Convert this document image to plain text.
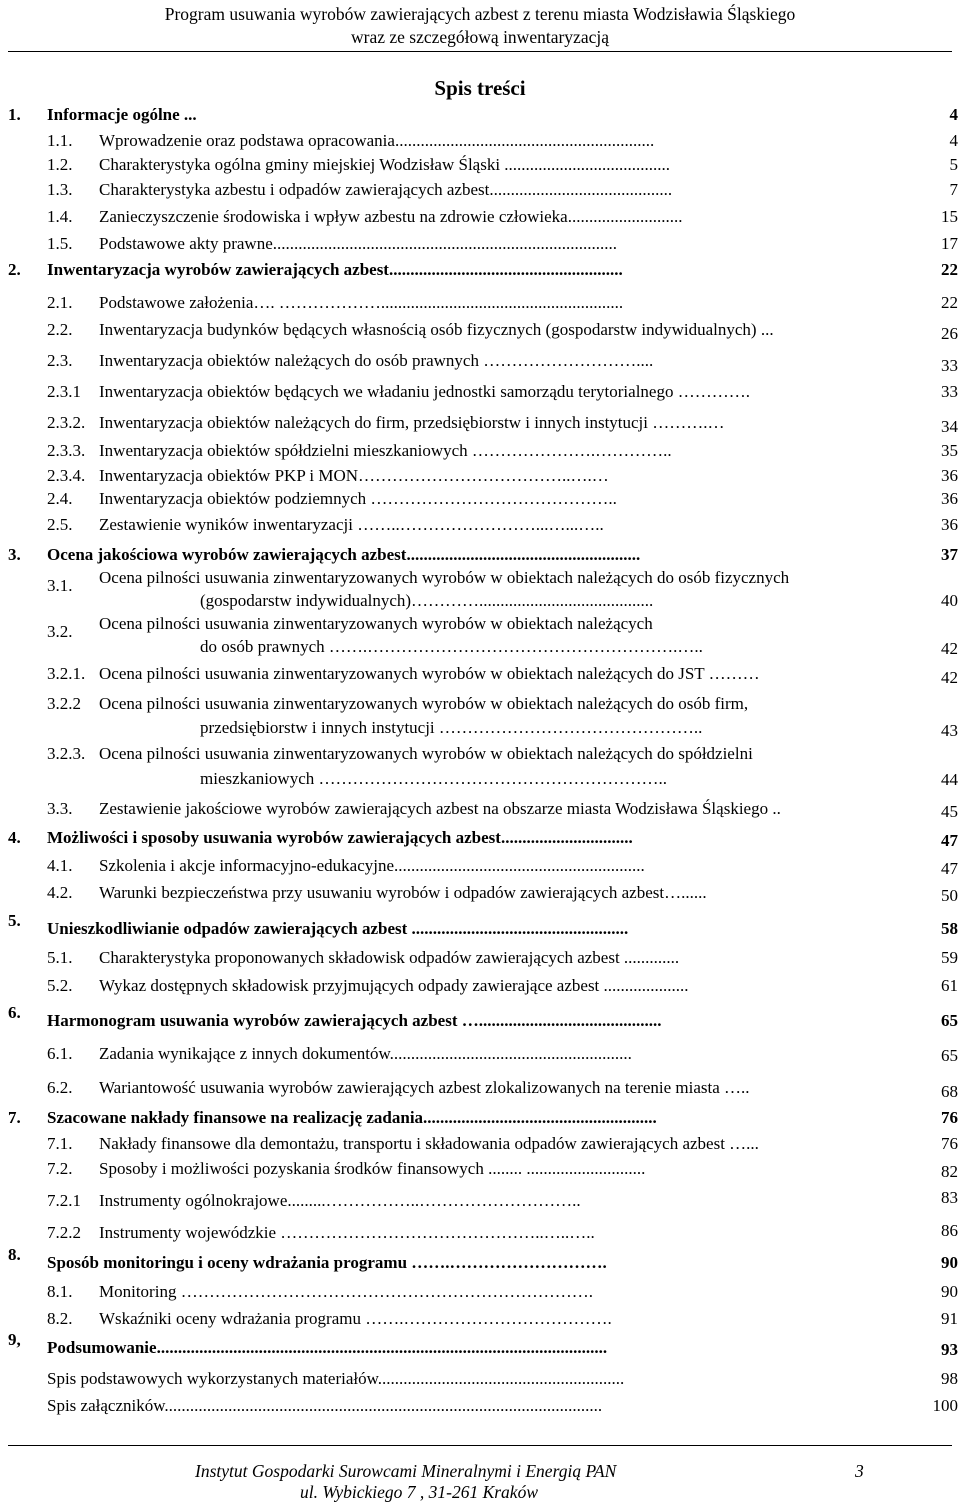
Program usuwania wyrobów zawierających azbest z terenu miasta Wodzisławia Śląskiego
wraz ze szczegółową inwentaryzacją
Spis treści
1. Informacje ogólne ...	4
1.1. Wprowadzenie oraz podstawa opracowania.............................................................	4
1.2. Charakterystyka ogólna gminy miejskiej Wodzisław Śląski .......................................	5
1.3. Charakterystyka azbestu i odpadów zawierających azbest...........................................	7
1.4. Zanieczyszczenie środowiska i wpływ azbestu na zdrowie człowieka...........................	15
1.5. Podstawowe akty prawne.................................................................................	17
2. Inwentaryzacja wyrobów zawierających azbest.......................................................	22
2.1. Podstawowe założenia…. ……………….........................................................	22
2.2. Inwentaryzacja budynków będących własnością osób fizycznych (gospodarstw indywidualnych) ...	26
2.3. Inwentaryzacja obiektów należących do osób prawnych ………………………....	33
2.3.1 Inwentaryzacja obiektów będących we władaniu jednostki samorządu terytorialnego ………….	33
2.3.2. Inwentaryzacja obiektów należących do firm, przedsiębiorstw i innych instytucji ……….…	34
2.3.3. Inwentaryzacja obiektów spółdzielni mieszkaniowych ………………….…………..	35
2.3.4. Inwentaryzacja obiektów PKP i MON………………………………..….…	36
2.4. Inwentaryzacja obiektów podziemnych ……………………………………..	36
2.5. Zestawienie wyników inwentaryzacji ……..……………………...…...…..	36
3. Ocena jakościowa wyrobów zawierających azbest.......................................................	37
3.1. Ocena pilności usuwania zinwentaryzowanych wyrobów w obiektach należących do osób fizycznych
(gospodarstw indywidualnych)………….........................................	40
3.2. Ocena pilności usuwania zinwentaryzowanych wyrobów w obiektach należących
do osób prawnych …….……………………………………………….…..	42
3.2.1. Ocena pilności usuwania zinwentaryzowanych wyrobów w obiektach należących do JST ………	42
3.2.2 Ocena pilności usuwania zinwentaryzowanych wyrobów w obiektach należących do osób firm,
przedsiębiorstw i innych instytucji ………………………………………..	43
3.2.3. Ocena pilności usuwania zinwentaryzowanych wyrobów w obiektach należących do spółdzielni
mieszkaniowych ……………………………………………………..	44
3.3. Zestawienie jakościowe wyrobów zawierających azbest na obszarze miasta Wodzisława Śląskiego ..	45
4. Możliwości i sposoby usuwania wyrobów zawierających azbest...............................	47
4.1. Szkolenia i akcje informacyjno-edukacyjne...........................................................	47
4.2. Warunki bezpieczeństwa przy usuwaniu wyrobów i odpadów zawierających azbest…......	50
5. Unieszkodliwianie odpadów zawierających azbest ...................................................	58
5.1. Charakterystyka proponowanych składowisk odpadów zawierających azbest .............	59
5.2. Wykaz dostępnych składowisk przyjmujących odpady zawierające azbest ....................	61
6. Harmonogram usuwania wyrobów zawierających azbest …...........................................	65
6.1. Zadania wynikające z innych dokumentów.........................................................	65
6.2. Wariantowość usuwania wyrobów zawierających azbest zlokalizowanych na terenie miasta …..	68
7. Szacowane nakłady finansowe na realizację zadania.......................................................	76
7.1. Nakłady finansowe dla demontażu, transportu i składowania odpadów zawierających azbest …...	76
7.2. Sposoby i możliwości pozyskania środków finansowych ........ ............................	82
7.2.1 Instrumenty ogólnokrajowe.........……………..………………………..	83
7.2.2 Instrumenty wojewódzkie ………………………………………..…..…..	86
8. Sposób monitoringu i oceny wdrażania programu …….……………………….	90
8.1. Monitoring ……………………………………………………………….	90
8.2. Wskaźniki oceny wdrażania programu …….……………………………….	91
9, Podsumowanie..........................................................................................................	93
Spis podstawowych wykorzystanych materiałów..........................................................	98
Spis załączników.......................................................................................................	100
Instytut Gospodarki Surowcami Mineralnymi i Energią PAN	3
ul. Wybickiego 7 , 31-261 Kraków
